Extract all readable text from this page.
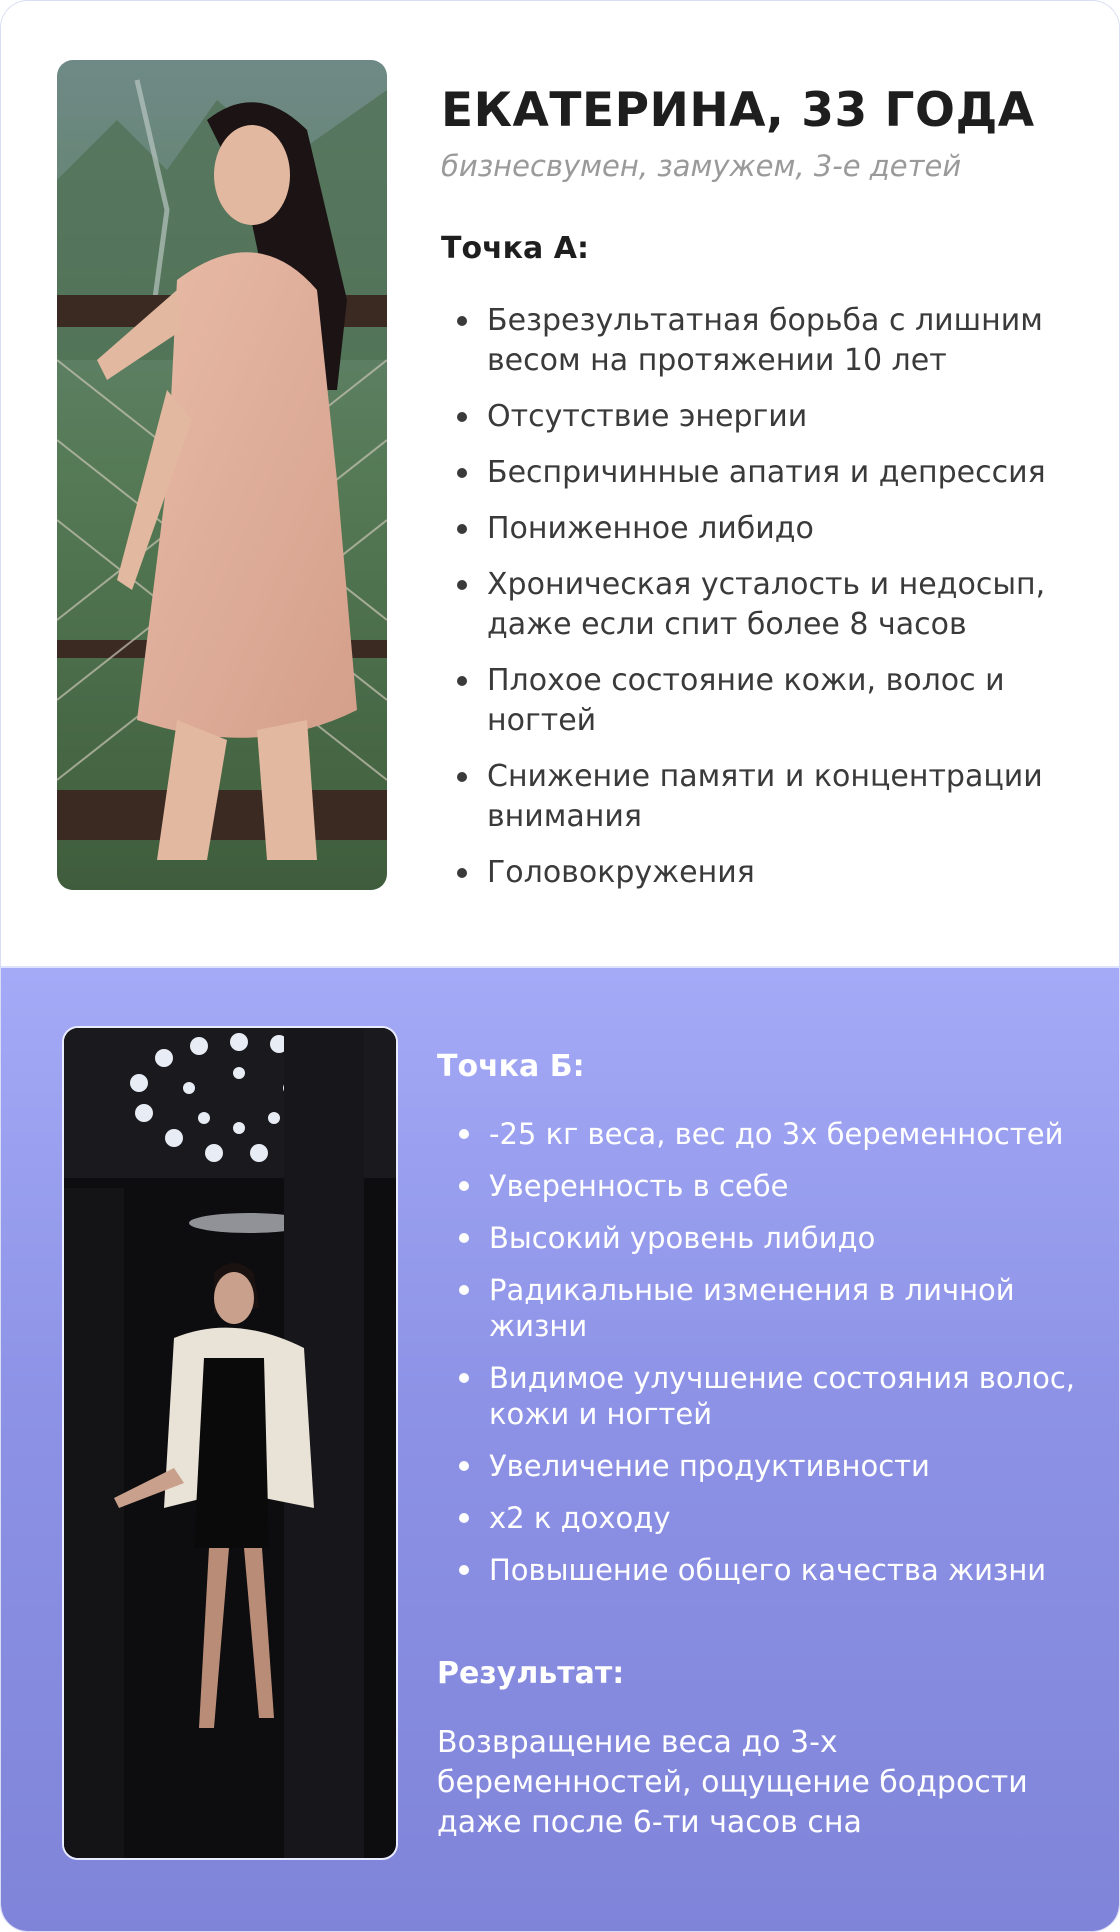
ЕКАТЕРИНА, 33 ГОДА

бизнесвумен, замужем, 3-е детей

Точка А:
Безрезультатная борьба с лишним весом на протяжении 10 лет
Отсутствие энергии
Беспричинные апатия и депрессия
Пониженное либидо
Хроническая усталость и недосып, даже если спит более 8 часов
Плохое состояние кожи, волос и ногтей
Снижение памяти и концентрации внимания
Головокружения
Точка Б:
-25 кг веса, вес до 3х беременностей
Уверенность в себе
Высокий уровень либидо
Радикальные изменения в личной жизни
Видимое улучшение состояния волос, кожи и ногтей
Увеличение продуктивности
x2 к доходу
Повышение общего качества жизни
Результат:

Возвращение веса до 3-х беременностей, ощущение бодрости даже после 6-ти часов сна
